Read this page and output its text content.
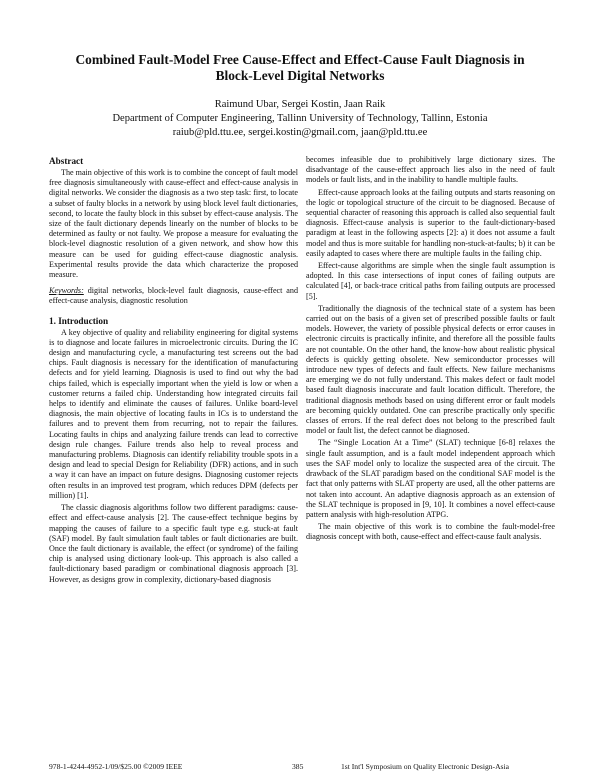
Combined Fault-Model Free Cause-Effect and Effect-Cause Fault Diagnosis in
Block-Level Digital Networks
Raimund Ubar, Sergei Kostin, Jaan Raik
Department of Computer Engineering, Tallinn University of Technology, Tallinn, Estonia
raiub@pld.ttu.ee, sergei.kostin@gmail.com, jaan@pld.ttu.ee
Abstract

The main objective of this work is to combine the concept of fault model free diagnosis simultaneously with cause-effect and effect-cause analysis in digital networks. We consider the diagnosis as a two step task: first, to locate a subset of faulty blocks in a network by using block level fault dictionaries, second, to locate the faulty block in this subset by effect-cause analysis. The size of the fault dictionary depends linearly on the number of blocks to be determined as faulty or not faulty. We propose a measure for evaluating the block-level diagnostic resolution of a given network, and show how this measure can be used for guiding effect-cause diagnostic analysis. Experimental results provide the data which characterize the proposed measure.

Keywords: digital networks, block-level fault diagnosis, cause-effect and effect-cause analysis, diagnostic resolution

1. Introduction

A key objective of quality and reliability engineering for digital systems is to diagnose and locate failures in microelectronic circuits. During the IC design and manufacturing cycle, a manufacturing test screens out the bad chips. Fault diagnosis is necessary for the identification of manufacturing defects and for yield learning. Diagnosis is used to find out why the bad chips failed, which is especially important when the yield is low or when a customer returns a failed chip. Understanding how integrated circuits fail helps to identify and eliminate the causes of failures. Unlike board-level diagnosis, the main objective of locating faults in ICs is to understand the failures and to prevent them from recurring, not to repair the failures. Locating faults in chips and analyzing failure trends can lead to corrective design rule changes. Failure trends also help to reveal process and manufacturing problems. Diagnosis can identify reliability trouble spots in a design and lead to special Design for Reliability (DFR) actions, and in such a way it can have an impact on future designs. Diagnosing customer rejects often results in an improved test program, which reduces DPM (defects per million) [1].

The classic diagnosis algorithms follow two different paradigms: cause-effect and effect-cause analysis [2]. The cause-effect technique begins by mapping the causes of failure to a specific fault type e.g. stuck-at fault (SAF) model. By fault simulation fault tables or fault dictionaries are built. Once the fault dictionary is available, the effect (or syndrome) of the failing chip is analysed using dictionary look-up. This approach is also called a fault-dictionary based paradigm or combinational diagnosis approach [3]. However, as designs grow in complexity, dictionary-based diagnosis

becomes infeasible due to prohibitively large dictionary sizes. The disadvantage of the cause-effect approach lies also in the need of fault models or fault lists, and in the inability to handle multiple faults.

Effect-cause approach looks at the failing outputs and starts reasoning on the logic or topological structure of the circuit to be diagnosed. Because of sequential character of reasoning this approach is called also sequential fault diagnosis. Effect-cause analysis is superior to the fault-dictionary-based paradigm at least in the following aspects [2]: a) it does not assume a fault model and thus is more suitable for handling non-stuck-at-faults; b) it can be easily adapted to cases where there are multiple faults in the failing chip.

Effect-cause algorithms are simple when the single fault assumption is adopted. In this case intersections of input cones of failing outputs are calculated [4], or back-trace critical paths from failing outputs are processed [5].

Traditionally the diagnosis of the technical state of a system has been carried out on the basis of a given set of prescribed possible faults or fault models. However, the variety of possible physical defects or error causes in electronic circuits is practically infinite, and therefore all the possible faults are not countable. On the other hand, the know-how about realistic physical defects is quickly getting obsolete. New semiconductor processes will introduce new types of defects and fault effects. New failure mechanisms are emerging we do not fully understand. This makes defect or fault model based fault diagnosis inaccurate and fault location difficult. Therefore, the traditional diagnosis methods based on using different error or fault models are becoming quickly outdated. One can prescribe practically only specific classes of errors. If the real defect does not belong to the prescribed fault model or fault list, the defect cannot be diagnosed.

The “Single Location At a Time” (SLAT) technique [6-8] relaxes the single fault assumption, and is a fault model independent approach which uses the SAF model only to localize the suspected area of the circuit. The drawback of the SLAT paradigm based on the conditional SAF model is the fact that only patterns with SLAT property are used, all the other patterns are not taken into account. An adaptive diagnosis approach as an extension of the SLAT technique is proposed in [9, 10]. It combines a novel effect-cause pattern analysis with high-resolution ATPG.

The main objective of this work is to combine the fault-model-free diagnosis concept with both, cause-effect and effect-cause fault analysis.

978-1-4244-4952-1/09/$25.00 ©2009 IEEE	385	1st Int'l Symposium on Quality Electronic Design-Asia
